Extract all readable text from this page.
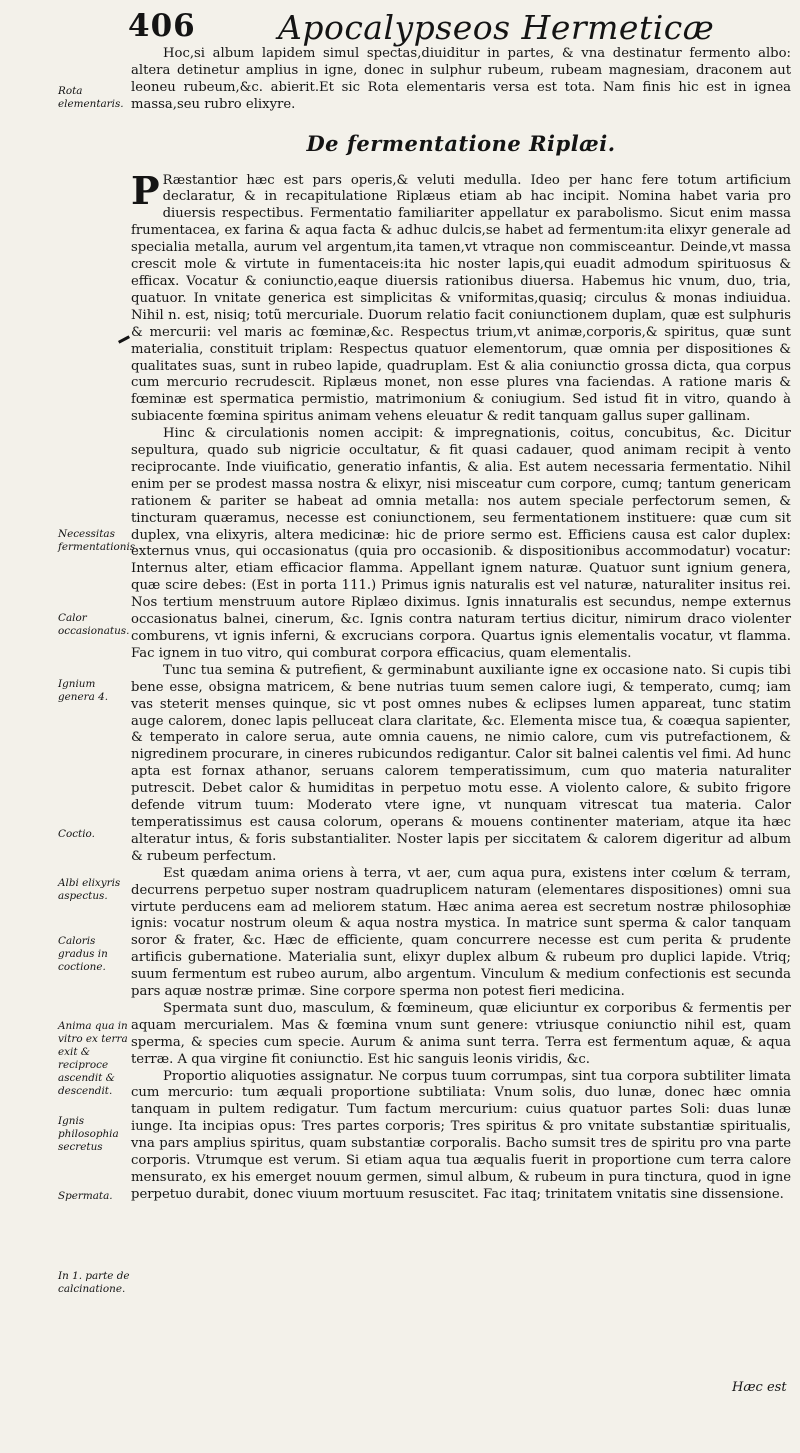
406 Apocalypseos Hermeticæ
Rota elementaris.
Necessitas fermentationis.
Calor occasionatus.
Ignium genera 4.
Coctio.
Albi elixyris aspectus.
Caloris gradus in coctione.
Anima qua in vitro ex terra exit & reciproce ascendit & descendit.
Ignis philosophia secretus
Spermata.
In 1. parte de calcinatione.

Hoc,si album lapidem simul spectas,diuiditur in partes, & vna destinatur fermento albo: altera detinetur amplius in igne, donec in sulphur rubeum, rubeam magnesiam, draconem aut leoneu rubeum,&c. abierit.Et sic Rota elementaris versa est tota. Nam finis hic est in ignea massa,seu rubro elixyre.

De fermentatione Riplæi.

P Ræstantior hæc est pars operis,& veluti medulla. Ideo per hanc fere totum artificium declaratur, & in recapitulatione Riplæus etiam ab hac incipit. Nomina habet varia pro diuersis respectibus. Fermentatio familiariter appellatur ex parabolismo. Sicut enim massa frumentacea, ex farina & aqua facta & adhuc dulcis,se habet ad fermentum:ita elixyr generale ad specialia metalla, aurum vel argentum,ita tamen,vt vtraque non commisceantur. Deinde,vt massa crescit mole & virtute in fumentaceis:ita hic noster lapis,qui euadit admodum spirituosus & efficax. Vocatur & coniunctio,eaque diuersis rationibus diuersa. Habemus hic vnum, duo, tria, quatuor. In vnitate generica est simplicitas & vniformitas,quasiq; circulus & monas indiuidua. Nihil n. est, nisiq; totũ mercuriale. Duorum relatio facit coniunctionem duplam, quæ est sulphuris & mercurii: vel maris ac fœminæ,&c. Respectus trium,vt animæ,corporis,& spiritus, quæ sunt materialia, constituit triplam: Respectus quatuor elementorum, quæ omnia per dispositiones & qualitates suas, sunt in rubeo lapide, quadruplam. Est & alia coniunctio grossa dicta, qua corpus cum mercurio recrudescit. Riplæus monet, non esse plures vna faciendas. A ratione maris & fœminæ est spermatica permistio, matrimonium & coniugium. Sed istud fit in vitro, quando à subiacente fœmina spiritus animam vehens eleuatur & redit tanquam gallus super gallinam.

Hinc & circulationis nomen accipit: & impregnationis, coitus, concubitus, &c. Dicitur sepultura, quado sub nigricie occultatur, & fit quasi cadauer, quod animam recipit à vento reciprocante. Inde viuificatio, generatio infantis, & alia. Est autem necessaria fermentatio. Nihil enim per se prodest massa nostra & elixyr, nisi misceatur cum corpore, cumq; tantum genericam rationem & pariter se habeat ad omnia metalla: nos autem speciale perfectorum semen, & tincturam quæramus, necesse est coniunctionem, seu fermentationem instituere: quæ cum sit duplex, vna elixyris, altera medicinæ: hic de priore sermo est. Efficiens causa est calor duplex: externus vnus, qui occasionatus (quia pro occasionib. & dispositionibus accommodatur) vocatur: Internus alter, etiam efficacior flamma. Appellant ignem naturæ. Quatuor sunt ignium genera, quæ scire debes: (Est in porta 111.) Primus ignis naturalis est vel naturæ, naturaliter insitus rei. Nos tertium menstruum autore Riplæo diximus. Ignis innaturalis est secundus, nempe externus occasionatus balnei, cinerum, &c. Ignis contra naturam tertius dicitur, nimirum draco violenter comburens, vt ignis inferni, & excrucians corpora. Quartus ignis elementalis vocatur, vt flamma. Fac ignem in tuo vitro, qui comburat corpora efficacius, quam elementalis.

Tunc tua semina & putrefient, & germinabunt auxiliante igne ex occasione nato. Si cupis tibi bene esse, obsigna matricem, & bene nutrias tuum semen calore iugi, & temperato, cumq; iam vas steterit menses quinque, sic vt post omnes nubes & eclipses lumen appareat, tunc statim auge calorem, donec lapis pelluceat clara claritate, &c. Elementa misce tua, & coæqua sapienter, & temperato in calore serua, aute omnia cauens, ne nimio calore, cum vis putrefactionem, & nigredinem procurare, in cineres rubicundos redigantur. Calor sit balnei calentis vel fimi. Ad hunc apta est fornax athanor, seruans calorem temperatissimum, cum quo materia naturaliter putrescit. Debet calor & humiditas in perpetuo motu esse. A violento calore, & subito frigore defende vitrum tuum: Moderato vtere igne, vt nunquam vitrescat tua materia. Calor temperatissimus est causa colorum, operans & mouens continenter materiam, atque ita hæc alteratur intus, & foris substantialiter. Noster lapis per siccitatem & calorem digeritur ad album & rubeum perfectum.

Est quædam anima oriens à terra, vt aer, cum aqua pura, existens inter cœlum & terram, decurrens perpetuo super nostram quadruplicem naturam (elementares dispositiones) omni sua virtute perducens eam ad meliorem statum. Hæc anima aerea est secretum nostræ philosophiæ ignis: vocatur nostrum oleum & aqua nostra mystica. In matrice sunt sperma & calor tanquam soror & frater, &c. Hæc de efficiente, quam concurrere necesse est cum perita & prudente artificis gubernatione. Materialia sunt, elixyr duplex album & rubeum pro duplici lapide. Vtriq; suum fermentum est rubeo aurum, albo argentum. Vinculum & medium confectionis est secunda pars aquæ nostræ primæ. Sine corpore sperma non potest fieri medicina.

Spermata sunt duo, masculum, & fœmineum, quæ eliciuntur ex corporibus & fermentis per aquam mercurialem. Mas & fœmina vnum sunt genere: vtriusque coniunctio nihil est, quam sperma, & species cum specie. Aurum & anima sunt terra. Terra est fermentum aquæ, & aqua terræ. A qua virgine fit coniunctio. Est hic sanguis leonis viridis, &c.

Proportio aliquoties assignatur. Ne corpus tuum corrumpas, sint tua corpora subtiliter limata cum mercurio: tum æquali proportione subtiliata: Vnum solis, duo lunæ, donec hæc omnia tanquam in pultem redigatur. Tum factum mercurium: cuius quatuor partes Soli: duas lunæ iunge. Ita incipias opus: Tres partes corporis; Tres spiritus & pro vnitate substantiæ spiritualis, vna pars amplius spiritus, quam substantiæ corporalis. Bacho sumsit tres de spiritu pro vna parte corporis. Vtrumque est verum. Si etiam aqua tua æqualis fuerit in proportione cum terra calore mensurato, ex his emerget nouum germen, simul album, & rubeum in pura tinctura, quod in igne perpetuo durabit, donec viuum mortuum resuscitet. Fac itaq; trinitatem vnitatis sine dissensione.

Hæc est
